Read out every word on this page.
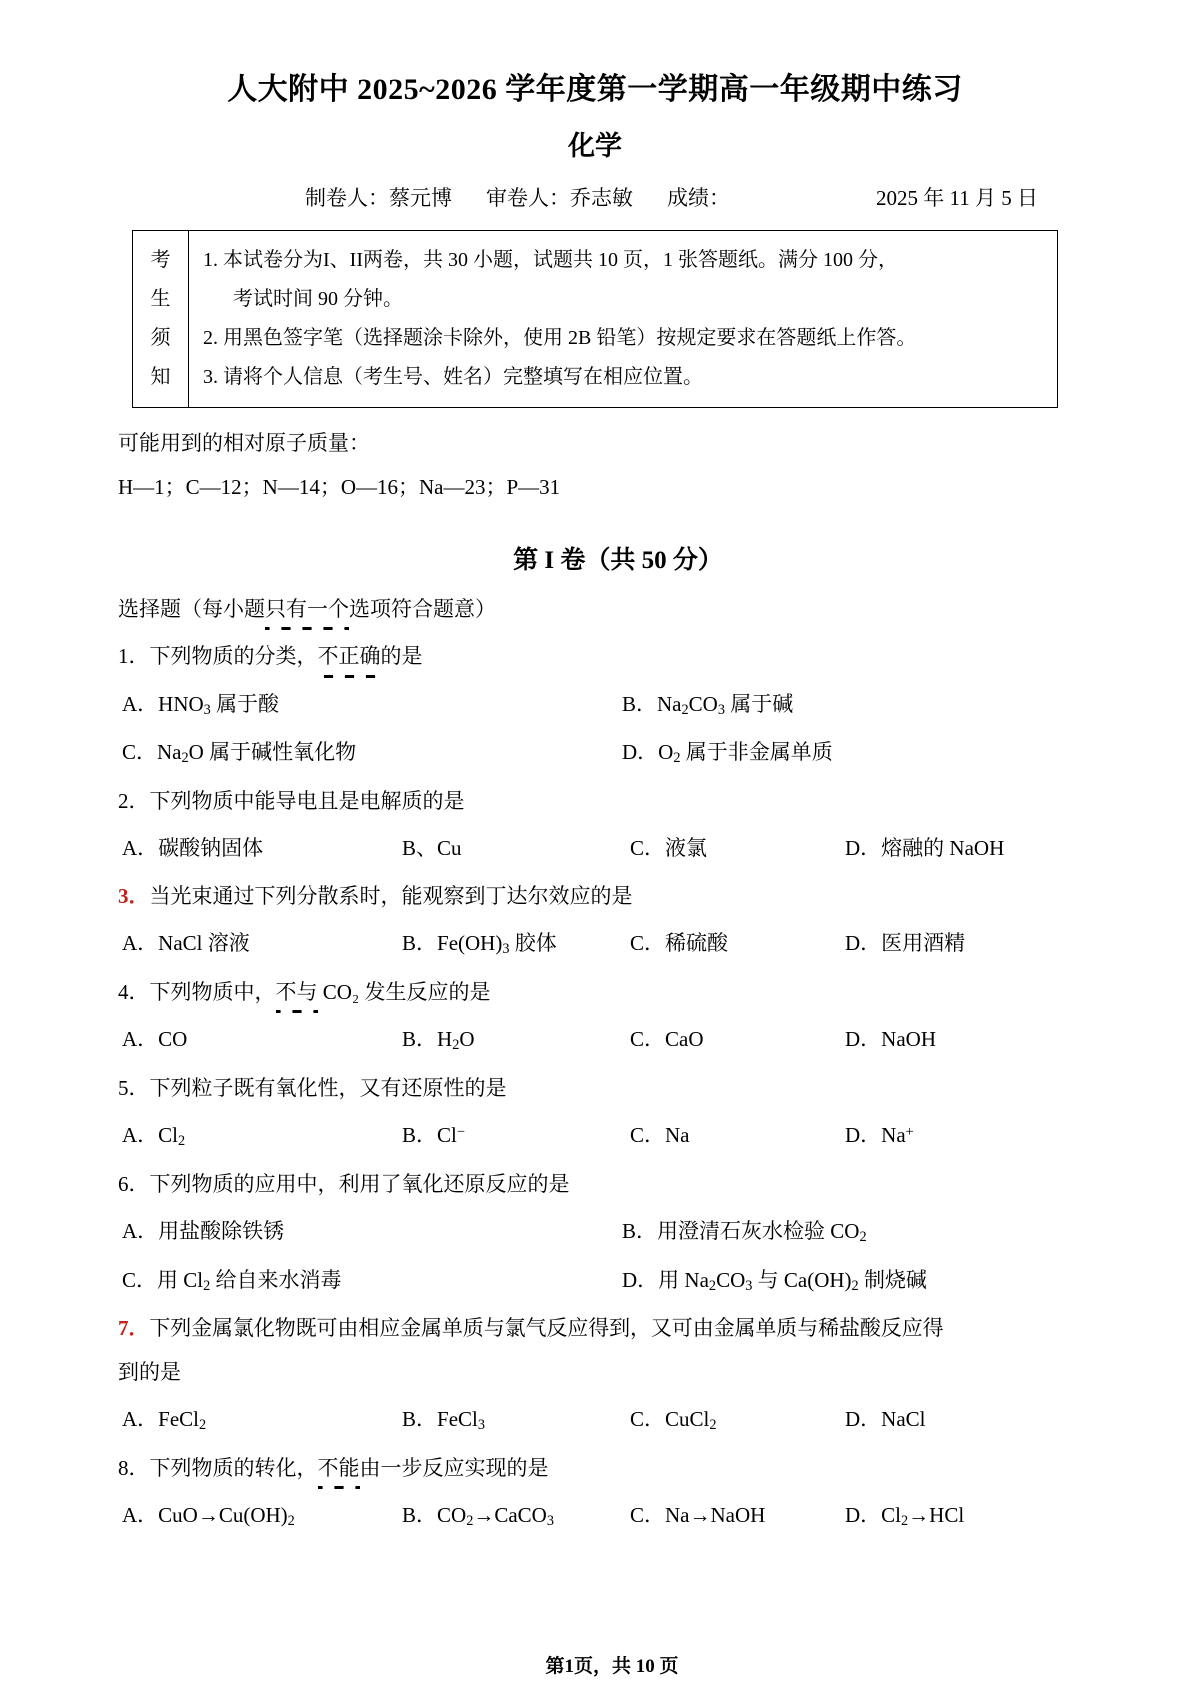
人大附中 2025~2026 学年度第一学期高一年级期中练习
化学

制卷人：蔡元博 审卷人：乔志敏 成绩：	2025 年 11 月 5 日

考
生
须
知

1. 本试卷分为I、II两卷，共 30 小题，试题共 10 页，1 张答题纸。满分 100 分，

考试时间 90 分钟。

2. 用黑色签字笔（选择题涂卡除外，使用 2B 铅笔）按规定要求在答题纸上作答。

3. 请将个人信息（考生号、姓名）完整填写在相应位置。

可能用到的相对原子质量：

H—1；C—12；N—14；O—16；Na—23；P—31

第 I 卷（共 50 分）

选择题（每小题只有一个选项符合题意）

1．下列物质的分类，不正确的是

A．$HNO_3$ 属于酸	B．$Na_2CO_3$ 属于碱
C．$Na_2O$ 属于碱性氧化物	D．$O_2$ 属于非金属单质

2．下列物质中能导电且是电解质的是

A．碳酸钠固体	B、Cu	C．液氯	D．熔融的 NaOH

3．当光束通过下列分散系时，能观察到丁达尔效应的是

A．NaCl 溶液	B．$Fe(OH)_3$ 胶体	C．稀硫酸	D．医用酒精

4．下列物质中，不与 CO₂ 发生反应的是

A．CO	B．$H_2O$	C．CaO	D．NaOH

5．下列粒子既有氧化性，又有还原性的是

A．$Cl_2$	B．Cl−	C．Na	D．Na+

6．下列物质的应用中，利用了氧化还原反应的是

A．用盐酸除铁锈	B．用澄清石灰水检验 $CO_2$
C．用 $Cl_2$ 给自来水消毒	D．用 $Na_2CO_3$ 与 $Ca(OH)_2$ 制烧碱

7．下列金属氯化物既可由相应金属单质与氯气反应得到，又可由金属单质与稀盐酸反应得

到的是

A．FeCl$_2$	B．FeCl$_3$	C．CuCl$_2$	D．NaCl

8．下列物质的转化，不能由一步反应实现的是

A．$CuO\to Cu(OH)_2$	B．$CO_2\to CaCO_3$	C．Na→NaOH	D．$Cl_2\to HCl$
第1页，共 10 页
